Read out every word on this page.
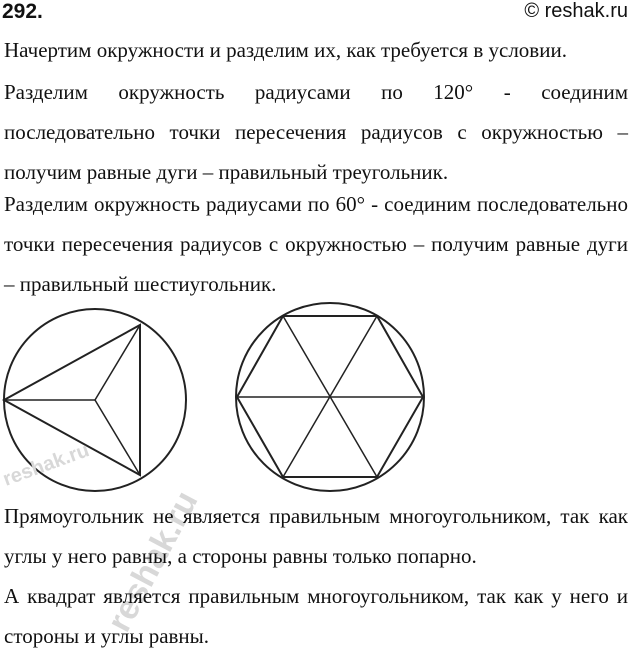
292.	© reshak.ru

Начертим окружности и разделим их, как требуется в условии.

Разделим окружность радиусами по 120° - соединим последовательно точки пересечения радиусов с окружностью – получим равные дуги – правильный треугольник.

Разделим окружность радиусами по 60° - соединим последовательно точки пересечения радиусов с окружностью – получим равные дуги – правильный шестиугольник.

reshak.ru
reshak.ru

Прямоугольник не является правильным многоугольником, так как углы у него равны, а стороны равны только попарно.

А квадрат является правильным многоугольником, так как у него и стороны и углы равны.
